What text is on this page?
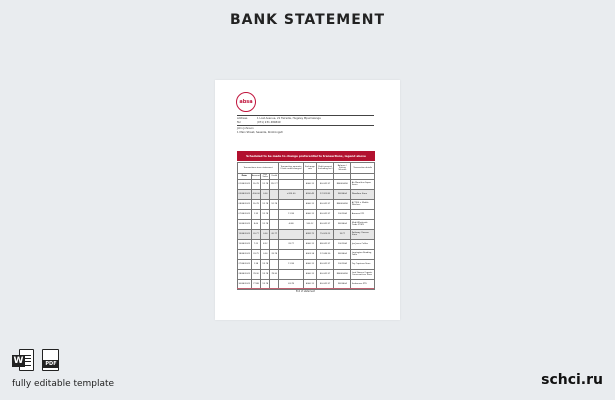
BANK STATEMENT
absa
Address	1 Lost Avenue, 21 Fairside, Hugsley Mpumalanga
Tel	(071) 231 484849
John Johnson
1 Main Street, Seaside, Kirstrongstr
Scheduled to be made to change preferential to transactions, legend above
Transactions since statement				Transaction amounts (Cash credit/charges)	Exchange rate	Debit amount (including fee)	Balance / Pricing Scheme	Transaction details
Date	Amount	Fee Value	Credit					
01/04/2022	55.78	92.78	192.77		4060.12	80,241.37	NB0034/00	Air Mauritius Super Saver
03/04/2022	-300.00	0.00		+325.00	4300.49	97,322.82	9820404	Woodlam Store
08/04/2022	55.78	92.78	92.78		4060.12	80,241.37	NB0034/00	ACTIVE + Mobile Wireless
07/04/2022	1.39	92.78		11.98	4060.12	80,241.37	1001244	Amazon LTD
10/04/2022	8.60	92.78		-8.80	900.12	80,241.37	9820404	Mobi Wholesale Trade FTWG
13/04/2022	20.77	0.00	20.77		4382.72	75,025.22	9077	Pathway Cinema Store
15/04/2022	7.22	8.22		33.77	4060.12	88,241.37	1001244	Jon Jones Coffee
18/04/2022	33.79	0.00	33.78		4063.14	97,246.30	9820404	Lamington Reading Table
27/04/2022	1.38	93.78		11.98	4060.12	80,241.37	1001244	Toy Caprinus Store
28/04/2022	78.30	93.78	78.30		4060.12	80,241.37	NB0034/00	Lord Games Organic Conservatives Store
30/04/2022	77.88	93.78		63.78	4060.12	80,241.37	9820404	Seabreeze PTE
End of statement
W	PDF
fully editable template	schci.ru
